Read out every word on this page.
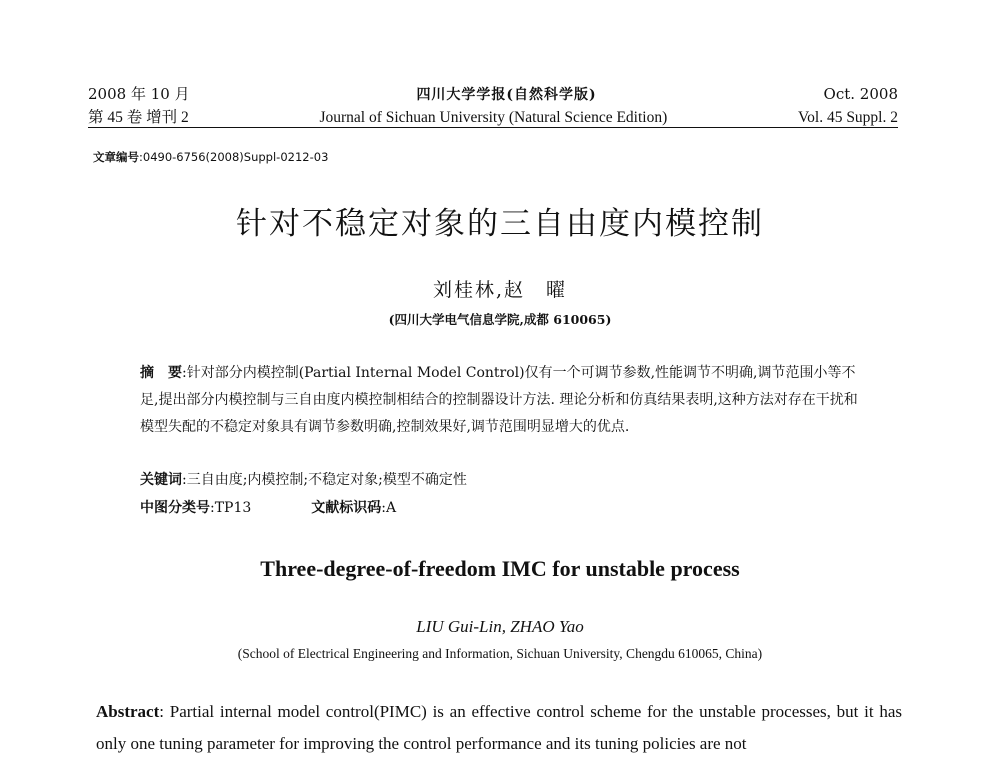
2008 年 10 月	四川大学学报(自然科学版)	Oct. 2008
第 45 卷 增刊 2	Journal of Sichuan University (Natural Science Edition)	Vol. 45 Suppl. 2
文章编号:0490-6756(2008)Suppl-0212-03
针对不稳定对象的三自由度内模控制
刘桂林,赵　曜
(四川大学电气信息学院,成都 610065)
摘　要:针对部分内模控制(Partial Internal Model Control)仅有一个可调节参数,性能调节不明确,调节范围小等不足,提出部分内模控制与三自由度内模控制相结合的控制器设计方法. 理论分析和仿真结果表明,这种方法对存在干扰和模型失配的不稳定对象具有调节参数明确,控制效果好,调节范围明显增大的优点.
关键词:三自由度;内模控制;不稳定对象;模型不确定性
中图分类号:TP13	文献标识码:A
Three-degree-of-freedom IMC for unstable process
LIU Gui-Lin, ZHAO Yao
(School of Electrical Engineering and Information, Sichuan University, Chengdu 610065, China)
Abstract: Partial internal model control(PIMC) is an effective control scheme for the unstable processes, but it has only one tuning parameter for improving the control performance and its tuning policies are not
